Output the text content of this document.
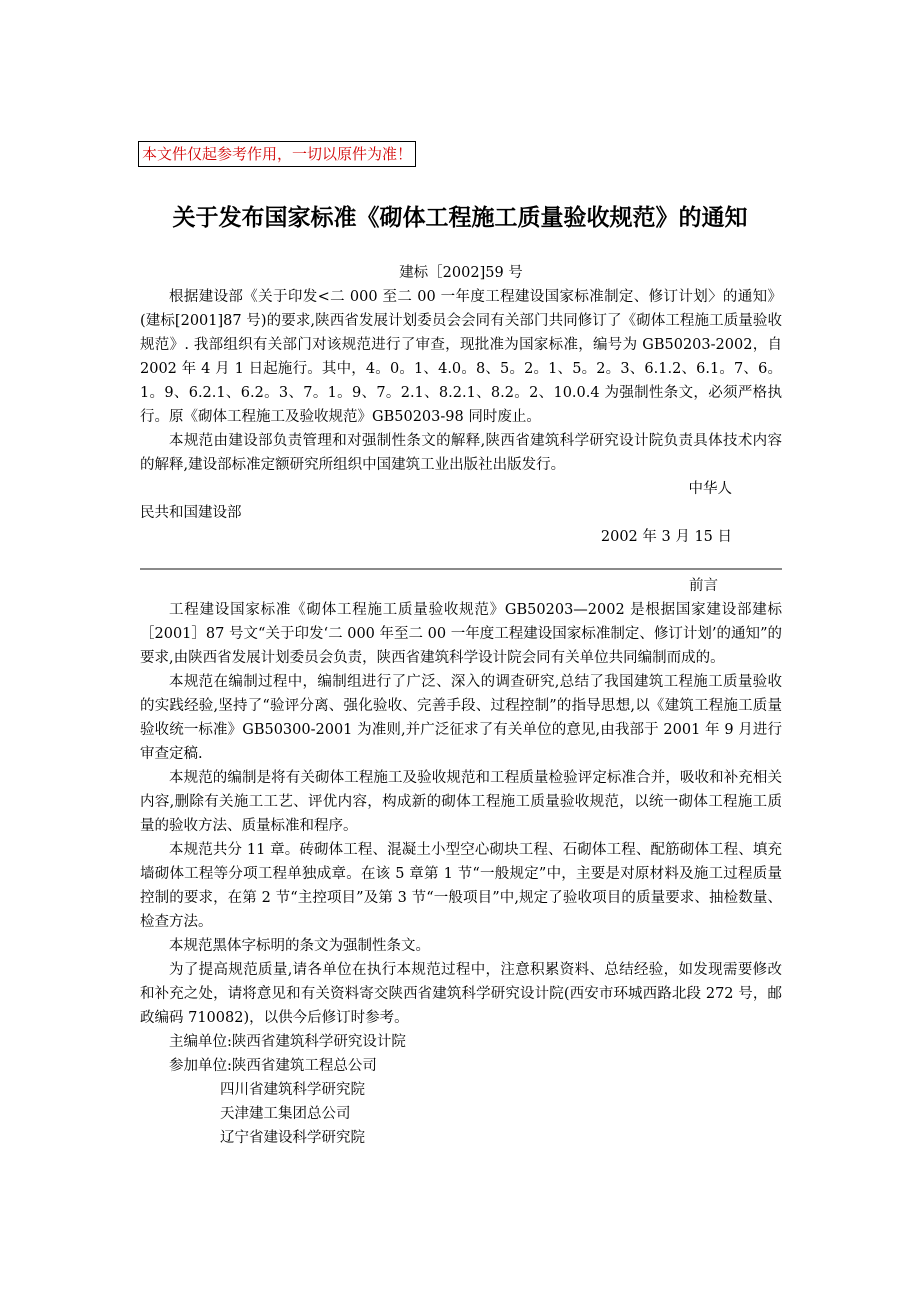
本文件仅起参考作用，一切以原件为准！
关于发布国家标准《砌体工程施工质量验收规范》的通知

建标［2002]59 号

根据建设部《关于印发<二 000 至二 00 一年度工程建设国家标准制定、修订计划〉的通知》(建标[2001]87 号)的要求,陕西省发展计划委员会会同有关部门共同修订了《砌体工程施工质量验收规范》. 我部组织有关部门对该规范进行了审查，现批准为国家标准，编号为 GB50203-2002，自 2002 年 4 月 1 日起施行。其中，4。0。1、4.0。8、5。2。1、5。2。3、6.1.2、6.1。7、6。1。9、6.2.1、6.2。3、7。1。9、7。2.1、8.2.1、8.2。2、10.0.4 为强制性条文，必须严格执行。原《砌体工程施工及验收规范》GB50203-98 同时废止。

本规范由建设部负责管理和对强制性条文的解释,陕西省建筑科学研究设计院负责具体技术内容的解释,建设部标准定额研究所组织中国建筑工业出版社出版发行。

中华人

民共和国建设部

2002 年 3 月 15 日

前言

工程建设国家标准《砌体工程施工质量验收规范》GB50203—2002 是根据国家建设部建标［2001］87 号文“关于印发‘二 000 年至二 00 一年度工程建设国家标准制定、修订计划’的通知”的要求,由陕西省发展计划委员会负责，陕西省建筑科学设计院会同有关单位共同编制而成的。

本规范在编制过程中，编制组进行了广泛、深入的调查研究,总结了我国建筑工程施工质量验收的实践经验,坚持了“验评分离、强化验收、完善手段、过程控制”的指导思想,以《建筑工程施工质量验收统一标准》GB50300-2001 为准则,并广泛征求了有关单位的意见,由我部于 2001 年 9 月进行审查定稿.

本规范的编制是将有关砌体工程施工及验收规范和工程质量检验评定标准合并，吸收和补充相关内容,删除有关施工工艺、评优内容，构成新的砌体工程施工质量验收规范，以统一砌体工程施工质量的验收方法、质量标准和程序。

本规范共分 11 章。砖砌体工程、混凝土小型空心砌块工程、石砌体工程、配筋砌体工程、填充墙砌体工程等分项工程单独成章。在该 5 章第 1 节“一般规定”中，主要是对原材料及施工过程质量控制的要求，在第 2 节“主控项目”及第 3 节“一般项目”中,规定了验收项目的质量要求、抽检数量、检查方法。

本规范黑体字标明的条文为强制性条文。

为了提高规范质量,请各单位在执行本规范过程中，注意积累资料、总结经验，如发现需要修改和补充之处，请将意见和有关资料寄交陕西省建筑科学研究设计院(西安市环城西路北段 272 号，邮政编码 710082)，以供今后修订时参考。

主编单位:陕西省建筑科学研究设计院

参加单位:陕西省建筑工程总公司

四川省建筑科学研究院

天津建工集团总公司

辽宁省建设科学研究院
